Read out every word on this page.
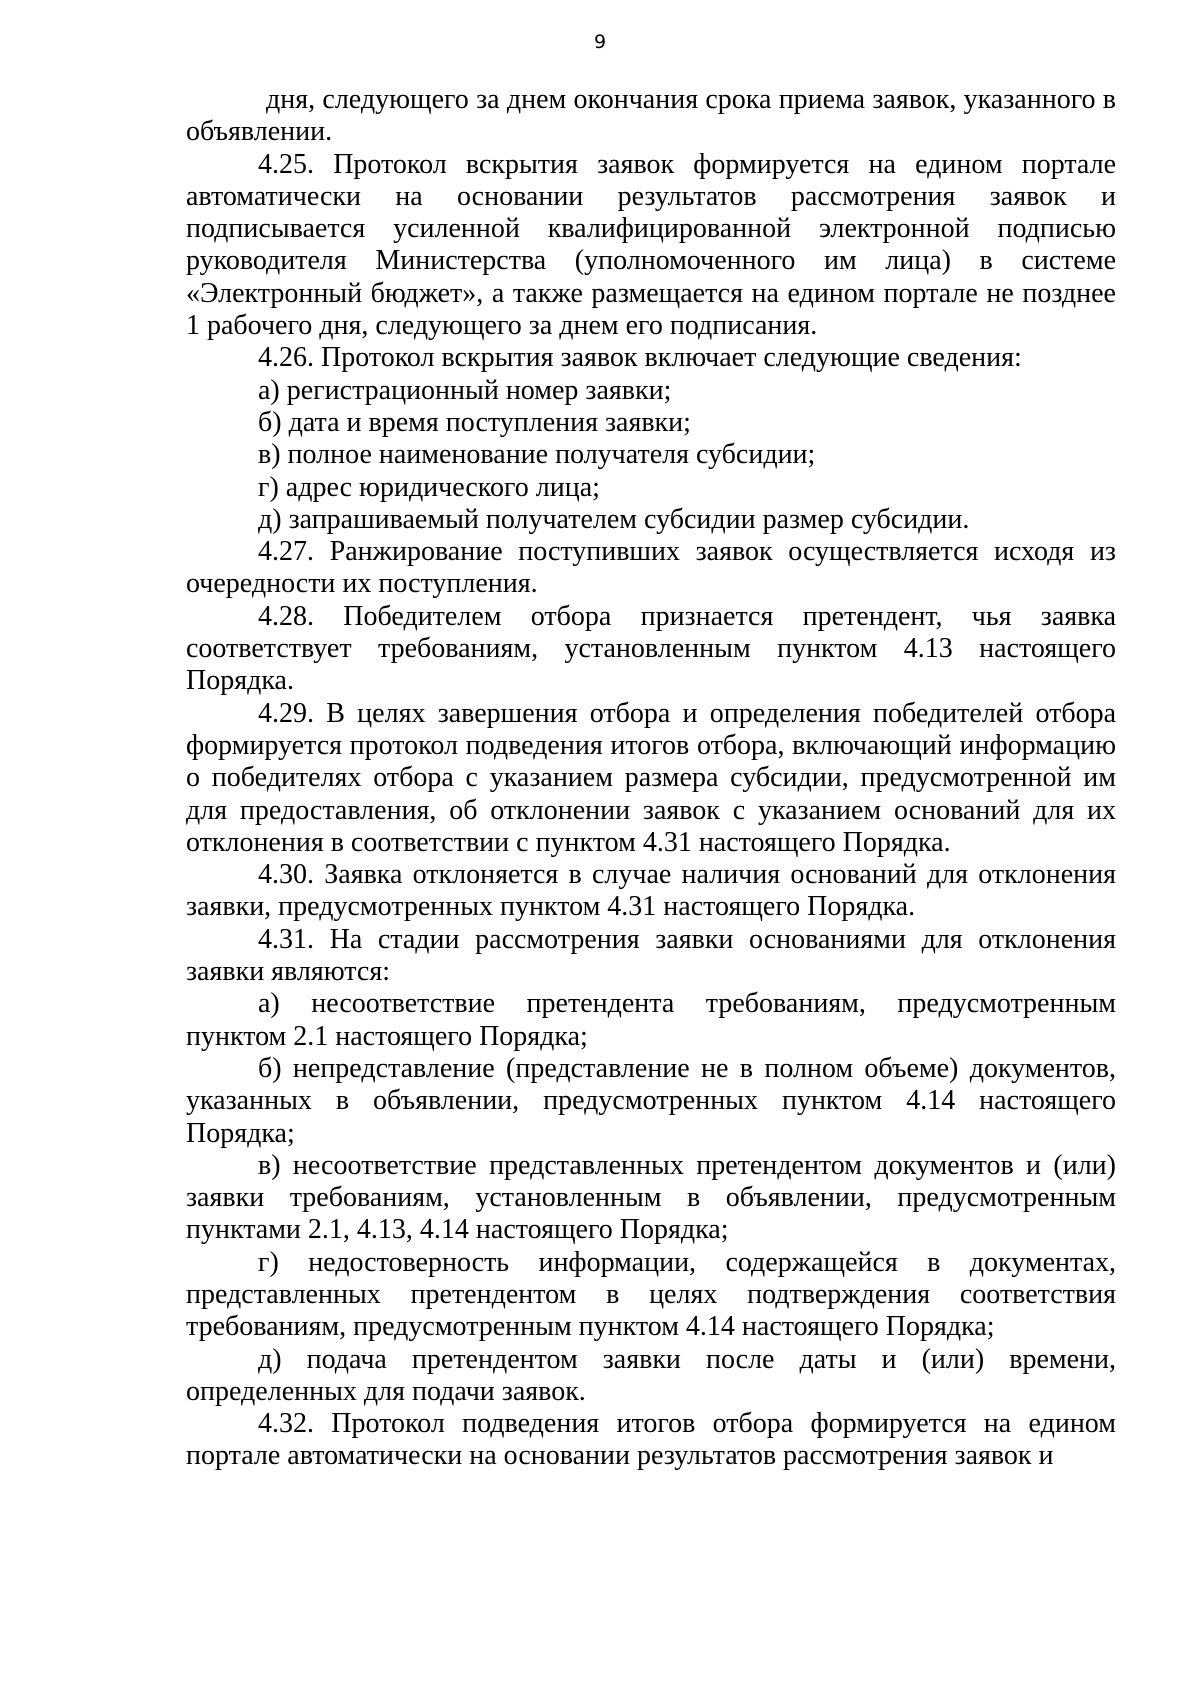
9

дня, следующего за днем окончания срока приема заявок, указанного в объявлении.

4.25. Протокол вскрытия заявок формируется на едином портале автоматически на основании результатов рассмотрения заявок и подписывается усиленной квалифицированной электронной подписью руководителя Министерства (уполномоченного им лица) в системе «Электронный бюджет», а также размещается на едином портале не позднее 1 рабочего дня, следующего за днем его подписания.

4.26. Протокол вскрытия заявок включает следующие сведения:

а) регистрационный номер заявки;

б) дата и время поступления заявки;

в) полное наименование получателя субсидии;

г) адрес юридического лица;

д) запрашиваемый получателем субсидии размер субсидии.

4.27. Ранжирование поступивших заявок осуществляется исходя из очередности их поступления.

4.28. Победителем отбора признается претендент, чья заявка соответствует требованиям, установленным пунктом 4.13 настоящего Порядка.

4.29. В целях завершения отбора и определения победителей отбора формируется протокол подведения итогов отбора, включающий информацию о победителях отбора с указанием размера субсидии, предусмотренной им для предоставления, об отклонении заявок с указанием оснований для их отклонения в соответствии с пунктом 4.31 настоящего Порядка.

4.30. Заявка отклоняется в случае наличия оснований для отклонения заявки, предусмотренных пунктом 4.31 настоящего Порядка.

4.31. На стадии рассмотрения заявки основаниями для отклонения заявки являются:

а) несоответствие претендента требованиям, предусмотренным пунктом 2.1 настоящего Порядка;

б) непредставление (представление не в полном объеме) документов, указанных в объявлении, предусмотренных пунктом 4.14 настоящего Порядка;

в) несоответствие представленных претендентом документов и (или) заявки требованиям, установленным в объявлении, предусмотренным пунктами 2.1, 4.13, 4.14 настоящего Порядка;

г) недостоверность информации, содержащейся в документах, представленных претендентом в целях подтверждения соответствия требованиям, предусмотренным пунктом 4.14 настоящего Порядка;

д) подача претендентом заявки после даты и (или) времени, определенных для подачи заявок.

4.32. Протокол подведения итогов отбора формируется на едином портале автоматически на основании результатов рассмотрения заявок и
